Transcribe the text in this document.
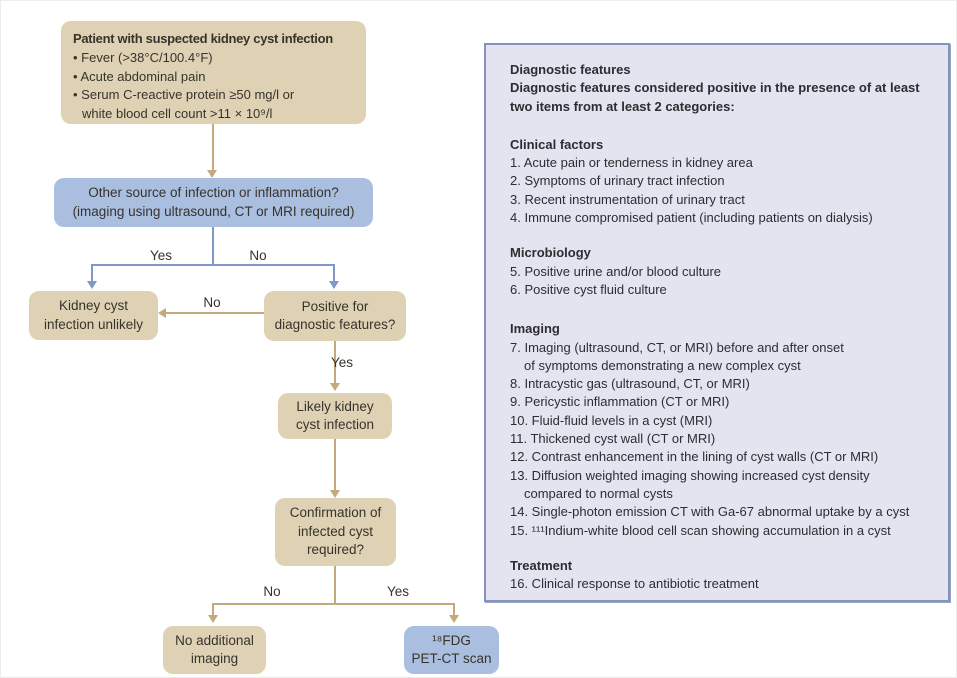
Patient with suspected kidney cyst infection
• Fever (>38°C/100.4°F)
• Acute abdominal pain
• Serum C-reactive protein ≥50 mg/l or
white blood cell count >11 × 10⁹/l
Other source of infection or inflammation?
(imaging using ultrasound, CT or MRI required)
Yes	No
Kidney cyst
infection unlikely
Positive for
diagnostic features?
No
Yes
Likely kidney
cyst infection
Confirmation of
infected cyst
required?
No	Yes
No additional
imaging
¹⁸FDG
PET-CT scan
Diagnostic features
Diagnostic features considered positive in the presence of at least
two items from at least 2 categories:
Clinical factors
1. Acute pain or tenderness in kidney area
2. Symptoms of urinary tract infection
3. Recent instrumentation of urinary tract
4. Immune compromised patient (including patients on dialysis)
Microbiology
5. Positive urine and/or blood culture
6. Positive cyst fluid culture
Imaging
7. Imaging (ultrasound, CT, or MRI) before and after onset
of symptoms demonstrating a new complex cyst
8. Intracystic gas (ultrasound, CT, or MRI)
9. Pericystic inflammation (CT or MRI)
10. Fluid-fluid levels in a cyst (MRI)
11. Thickened cyst wall (CT or MRI)
12. Contrast enhancement in the lining of cyst walls (CT or MRI)
13. Diffusion weighted imaging showing increased cyst density
compared to normal cysts
14. Single-photon emission CT with Ga-67 abnormal uptake by a cyst
15. ¹¹¹Indium-white blood cell scan showing accumulation in a cyst
Treatment
16. Clinical response to antibiotic treatment
